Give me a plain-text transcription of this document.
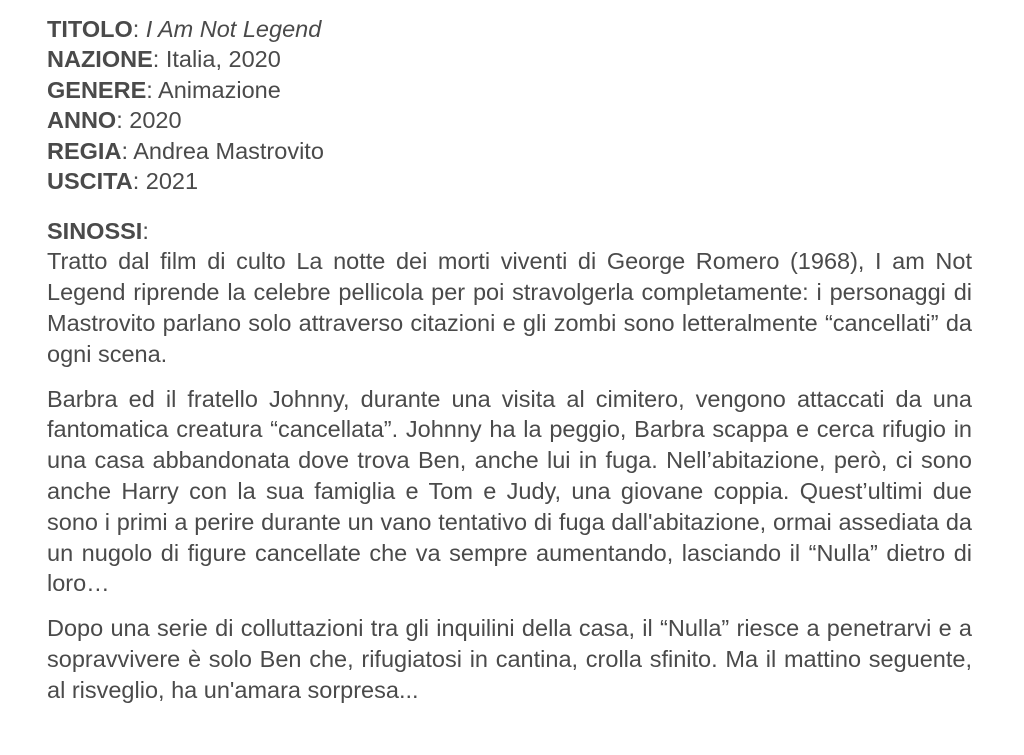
TITOLO: I Am Not Legend
NAZIONE: Italia, 2020
GENERE: Animazione
ANNO: 2020
REGIA: Andrea Mastrovito
USCITA: 2021
SINOSSI:

Tratto dal film di culto La notte dei morti viventi di George Romero (1968), I am Not Legend riprende la celebre pellicola per poi stravolgerla completamente: i personaggi di Mastrovito parlano solo attraverso citazioni e gli zombi sono letteralmente “cancellati” da ogni scena.

Barbra ed il fratello Johnny, durante una visita al cimitero, vengono attaccati da una fantomatica creatura “cancellata”. Johnny ha la peggio, Barbra scappa e cerca rifugio in una casa abbandonata dove trova Ben, anche lui in fuga. Nell’abitazione, però, ci sono anche Harry con la sua famiglia e Tom e Judy, una giovane coppia. Quest’ultimi due sono i primi a perire durante un vano tentativo di fuga dall'abitazione, ormai assediata da un nugolo di figure cancellate che va sempre aumentando, lasciando il “Nulla” dietro di loro…

Dopo una serie di colluttazioni tra gli inquilini della casa, il “Nulla” riesce a penetrarvi e a sopravvivere è solo Ben che, rifugiatosi in cantina, crolla sfinito. Ma il mattino seguente, al risveglio, ha un'amara sorpresa...
